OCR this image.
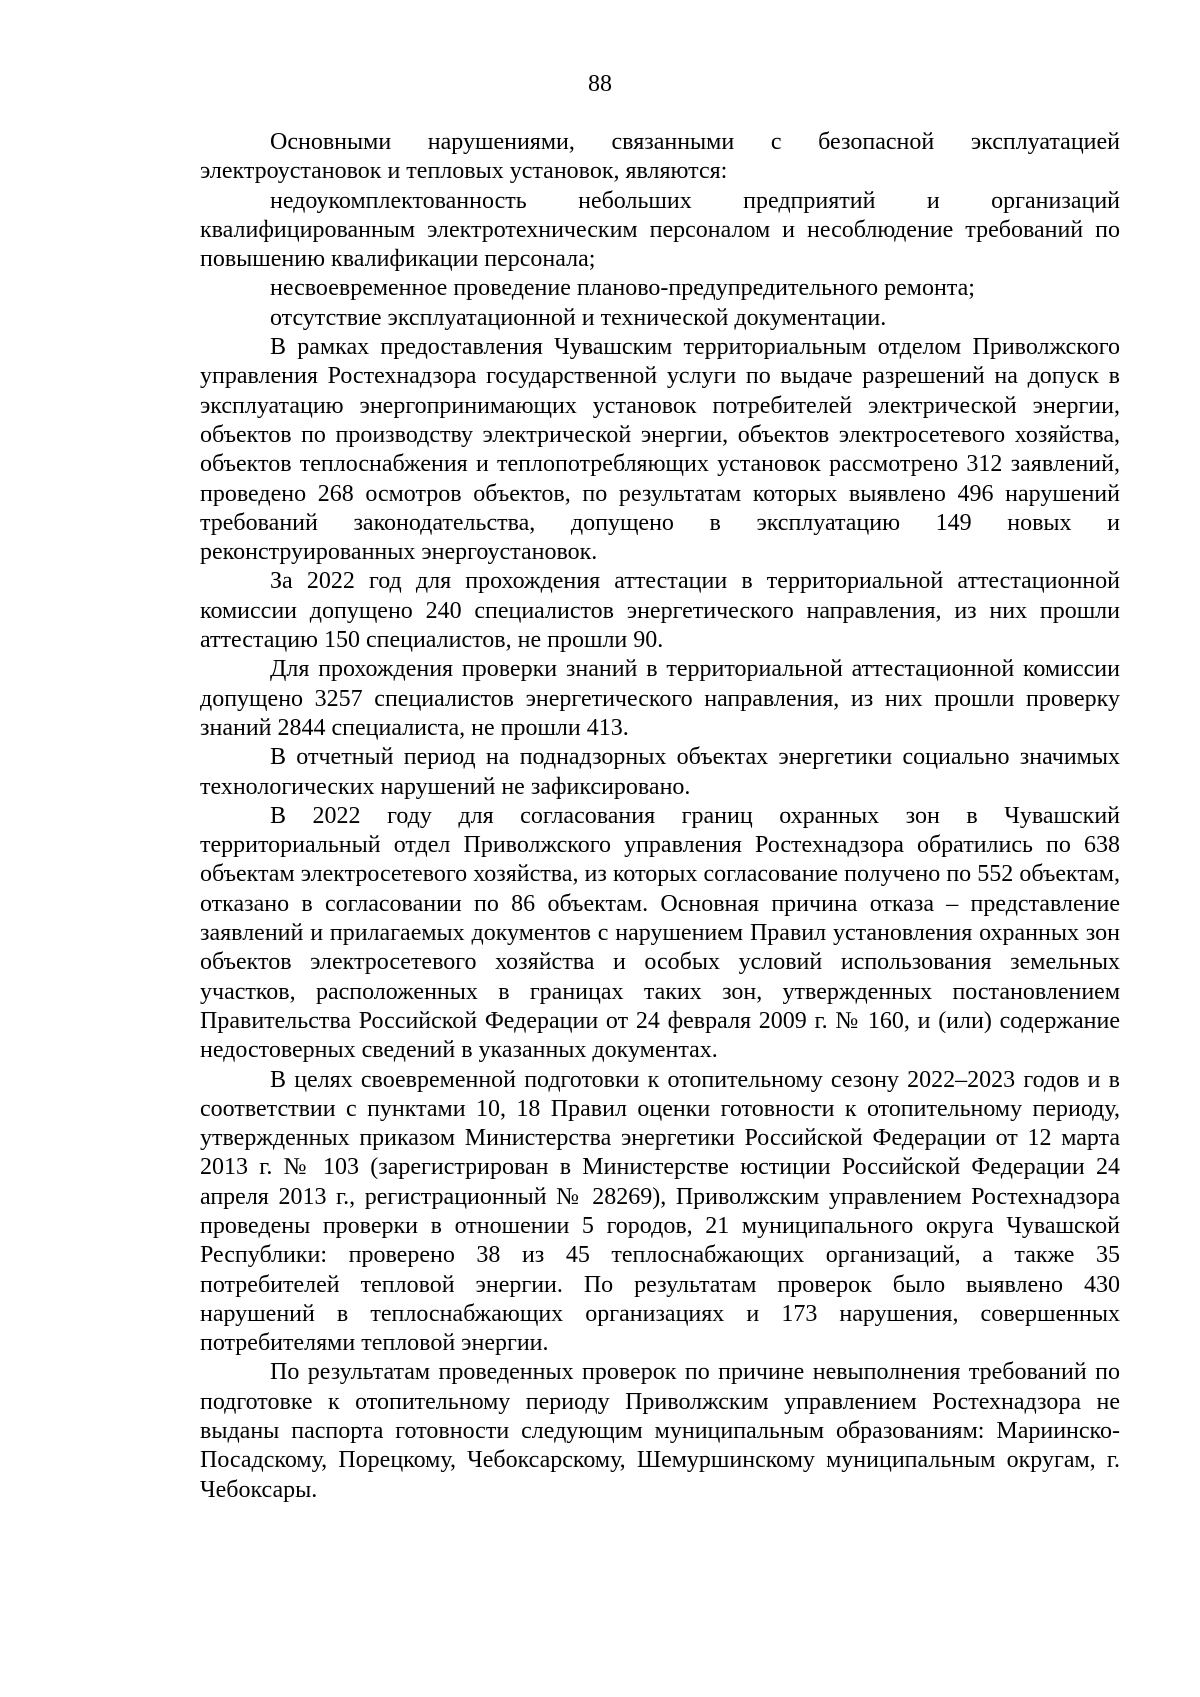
88

Основными нарушениями, связанными с безопасной эксплуатацией электроустановок и тепловых установок, являются:

недоукомплектованность небольших предприятий и организаций квалифицированным электротехническим персоналом и несоблюдение требований по повышению квалификации персонала;

несвоевременное проведение планово-предупредительного ремонта;

отсутствие эксплуатационной и технической документации.

В рамках предоставления Чувашским территориальным отделом Приволжского управления Ростехнадзора государственной услуги по выдаче разрешений на допуск в эксплуатацию энергопринимающих установок потребителей электрической энергии, объектов по производству электрической энергии, объектов электросетевого хозяйства, объектов теплоснабжения и теплопотребляющих установок рассмотрено 312 заявлений, проведено 268 осмотров объектов, по результатам которых выявлено 496 нарушений требований законодательства, допущено в эксплуатацию 149 новых и реконструированных энергоустановок.

За 2022 год для прохождения аттестации в территориальной аттестационной комиссии допущено 240 специалистов энергетического направления, из них прошли аттестацию 150 специалистов, не прошли 90.

Для прохождения проверки знаний в территориальной аттестационной комиссии допущено 3257 специалистов энергетического направления, из них прошли проверку знаний 2844 специалиста, не прошли 413.

В отчетный период на поднадзорных объектах энергетики социально значимых технологических нарушений не зафиксировано.

В 2022 году для согласования границ охранных зон в Чувашский территориальный отдел Приволжского управления Ростехнадзора обратились по 638 объектам электросетевого хозяйства, из которых согласование получено по 552 объектам, отказано в согласовании по 86 объектам. Основная причина отказа – представление заявлений и прилагаемых документов с нарушением Правил установления охранных зон объектов электросетевого хозяйства и особых условий использования земельных участков, расположенных в границах таких зон, утвержденных постановлением Правительства Российской Федерации от 24 февраля 2009 г. № 160, и (или) содержание недостоверных сведений в указанных документах.

В целях своевременной подготовки к отопительному сезону 2022–2023 годов и в соответствии с пунктами 10, 18 Правил оценки готовности к отопительному периоду, утвержденных приказом Министерства энергетики Российской Федерации от 12 марта 2013 г. № 103 (зарегистрирован в Министерстве юстиции Российской Федерации 24 апреля 2013 г., регистрационный № 28269), Приволжским управлением Ростехнадзора проведены проверки в отношении 5 городов, 21 муниципального округа Чувашской Республики: проверено 38 из 45 теплоснабжающих организаций, а также 35 потребителей тепловой энергии. По результатам проверок было выявлено 430 нарушений в теплоснабжающих организациях и 173 нарушения, совершенных потребителями тепловой энергии.

По результатам проведенных проверок по причине невыполнения требований по подготовке к отопительному периоду Приволжским управлением Ростехнадзора не выданы паспорта готовности следующим муниципальным образованиям: Мариинско-Посадскому, Порецкому, Чебоксарскому, Шемуршинскому муниципальным округам, г. Чебоксары.
